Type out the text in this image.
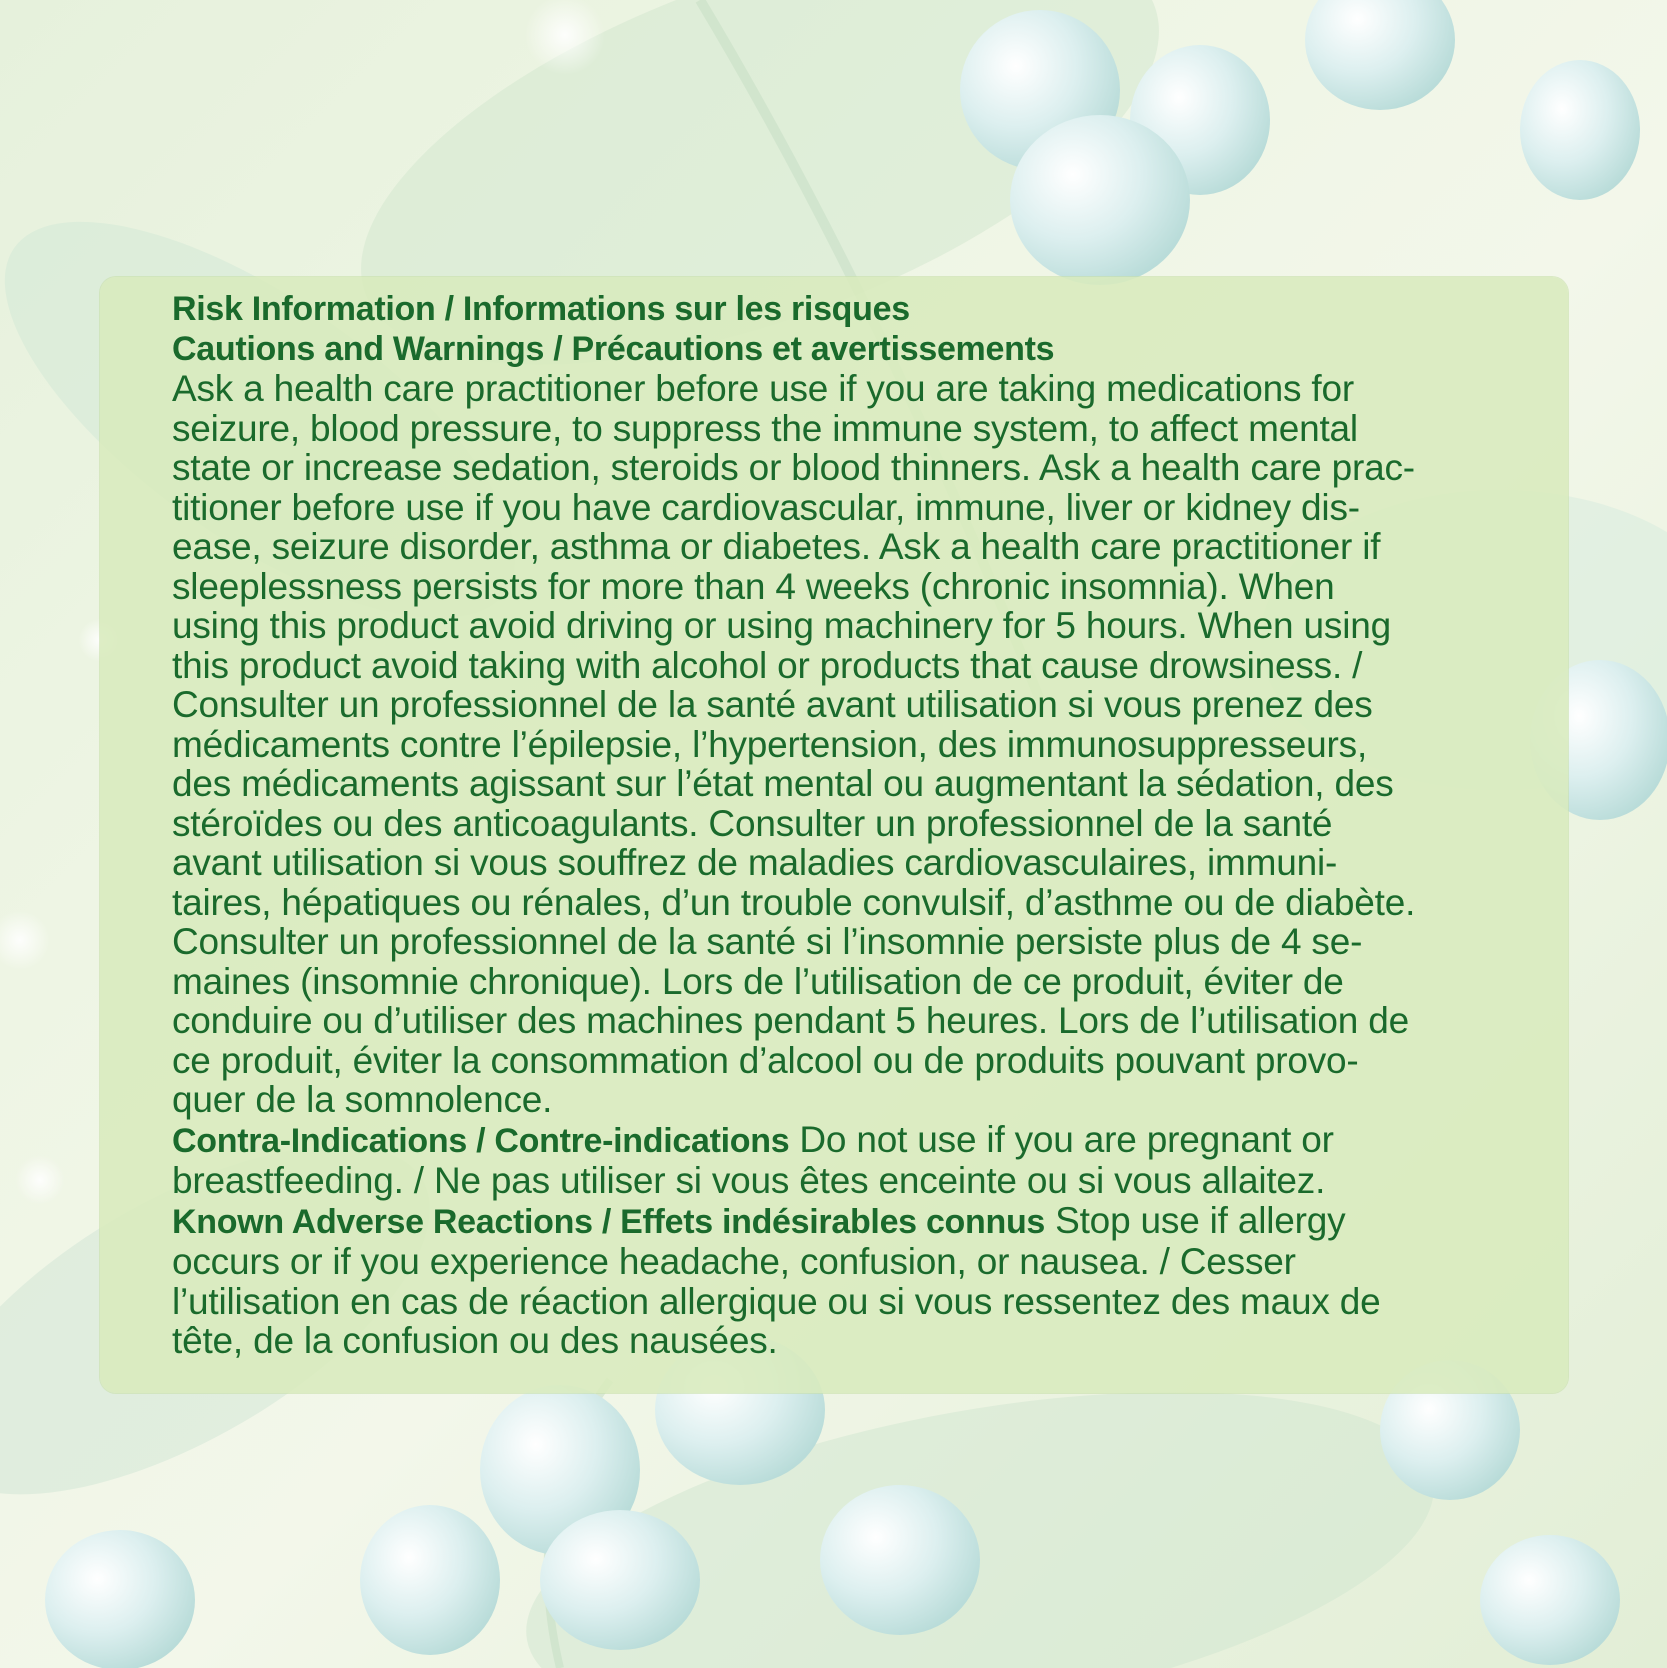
Risk Information / Informations sur les risques

Cautions and Warnings / Précautions et avertissements

Ask a health care practitioner before use if you are taking medications for

seizure, blood pressure, to suppress the immune system, to affect mental

state or increase sedation, steroids or blood thinners. Ask a health care prac-

titioner before use if you have cardiovascular, immune, liver or kidney dis-

ease, seizure disorder, asthma or diabetes. Ask a health care practitioner if

sleeplessness persists for more than 4 weeks (chronic insomnia). When

using this product avoid driving or using machinery for 5 hours. When using

this product avoid taking with alcohol or products that cause drowsiness. /

Consulter un professionnel de la santé avant utilisation si vous prenez des

médicaments contre l’épilepsie, l’hypertension, des immunosuppresseurs,

des médicaments agissant sur l’état mental ou augmentant la sédation, des

stéroïdes ou des anticoagulants. Consulter un professionnel de la santé

avant utilisation si vous souffrez de maladies cardiovasculaires, immuni-

taires, hépatiques ou rénales, d’un trouble convulsif, d’asthme ou de diabète.

Consulter un professionnel de la santé si l’insomnie persiste plus de 4 se-

maines (insomnie chronique). Lors de l’utilisation de ce produit, éviter de

conduire ou d’utiliser des machines pendant 5 heures. Lors de l’utilisation de

ce produit, éviter la consommation d’alcool ou de produits pouvant provo-

quer de la somnolence.

Contra-Indications / Contre-indications Do not use if you are pregnant or

breastfeeding. / Ne pas utiliser si vous êtes enceinte ou si vous allaitez.

Known Adverse Reactions / Effets indésirables connus Stop use if allergy

occurs or if you experience headache, confusion, or nausea. / Cesser

l’utilisation en cas de réaction allergique ou si vous ressentez des maux de

tête, de la confusion ou des nausées.
